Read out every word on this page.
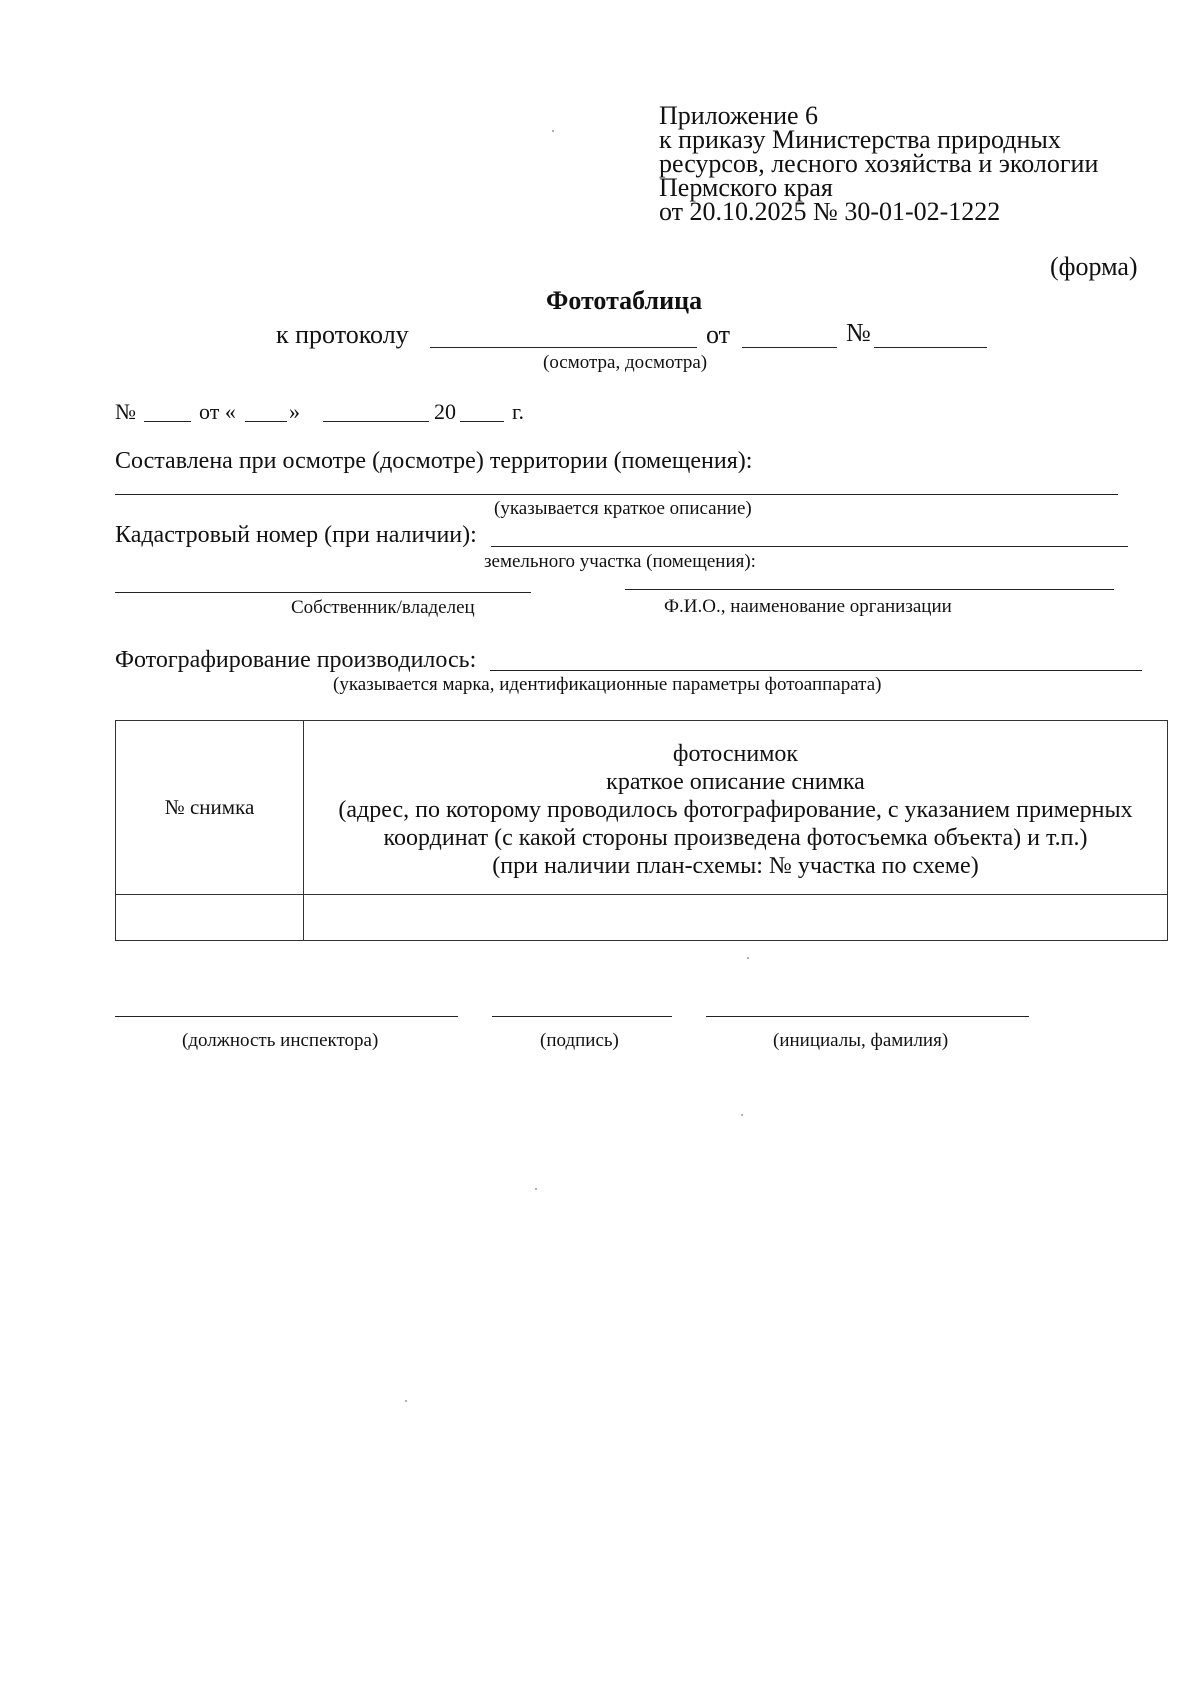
Приложение 6
к приказу Министерства природных
ресурсов, лесного хозяйства и экологии
Пермского края
от 20.10.2025 № 30-01-02-1222
(форма)
Фототаблица
к протоколу	от	№
(осмотра, досмотра)
№	от « »	20	г.
Составлена при осмотре (досмотре) территории (помещения):
(указывается краткое описание)
Кадастровый номер (при наличии):
земельного участка (помещения):
Собственник/владелец	Ф.И.О., наименование организации
Фотографирование производилось:
(указывается марка, идентификационные параметры фотоаппарата)
№ снимка	фотоснимок
краткое описание снимка
(адрес, по которому проводилось фотографирование, с указанием примерных
координат (с какой стороны произведена фотосъемка объекта) и т.п.)
(при наличии план-схемы: № участка по схеме)

(должность инспектора)	(подпись)	(инициалы, фамилия)
